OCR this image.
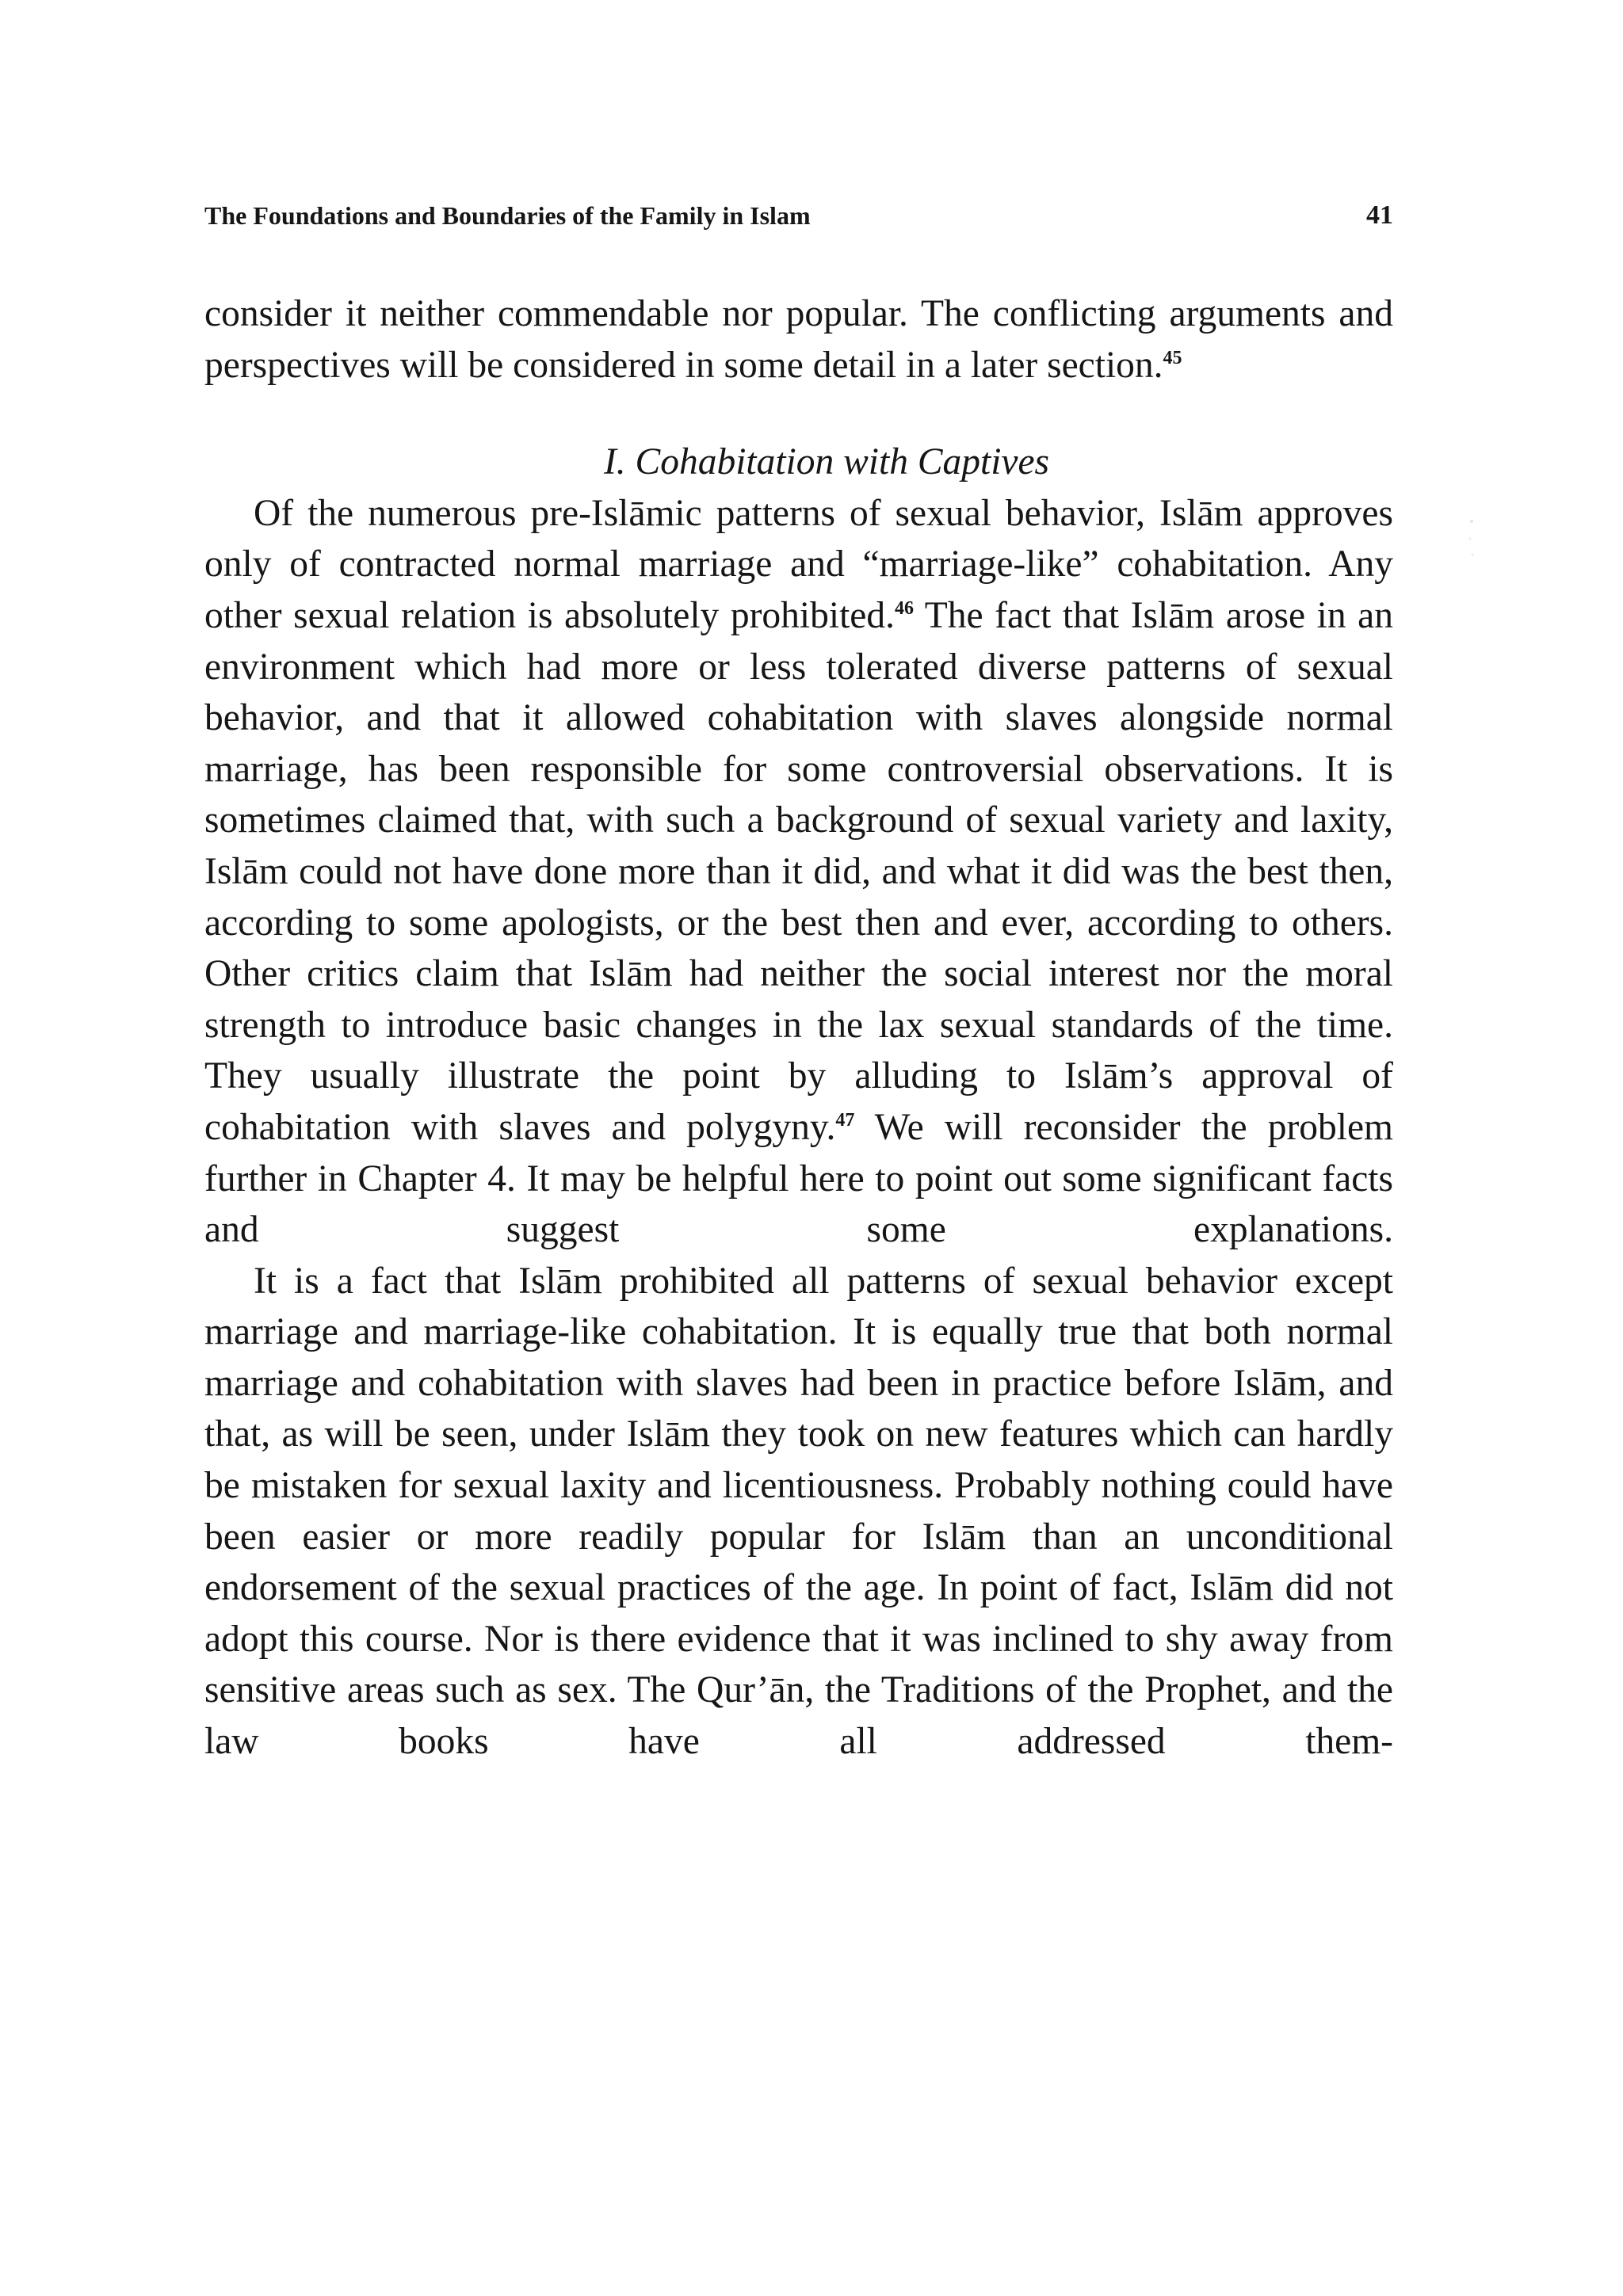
The Foundations and Boundaries of the Family in Islam	41

consider it neither commendable nor popular. The conflicting arguments and perspectives will be considered in some detail in a later section.$^{45}$

I. Cohabitation with Captives

Of the numerous pre-Islāmic patterns of sexual behavior, Islām approves only of contracted normal marriage and “marriage-like” cohabitation. Any other sexual relation is absolutely prohibited.$^{46}$ The fact that Islām arose in an environment which had more or less tolerated diverse patterns of sexual behavior, and that it allowed cohabitation with slaves alongside normal marriage, has been responsible for some controversial observations. It is sometimes claimed that, with such a background of sexual variety and laxity, Islām could not have done more than it did, and what it did was the best then, according to some apologists, or the best then and ever, according to others. Other critics claim that Islām had neither the social interest nor the moral strength to introduce basic changes in the lax sexual standards of the time. They usually illustrate the point by alluding to Islām’s approval of cohabitation with slaves and polygyny.$^{47}$ We will reconsider the problem further in Chapter 4. It may be helpful here to point out some significant facts and suggest some explanations.

It is a fact that Islām prohibited all patterns of sexual behavior except marriage and marriage-like cohabitation. It is equally true that both normal marriage and cohabitation with slaves had been in practice before Islām, and that, as will be seen, under Islām they took on new features which can hardly be mistaken for sexual laxity and licentiousness. Probably nothing could have been easier or more readily popular for Islām than an unconditional endorsement of the sexual practices of the age. In point of fact, Islām did not adopt this course. Nor is there evidence that it was inclined to shy away from sensitive areas such as sex. The Qur’ān, the Traditions of the Prophet, and the law books have all addressed them-
